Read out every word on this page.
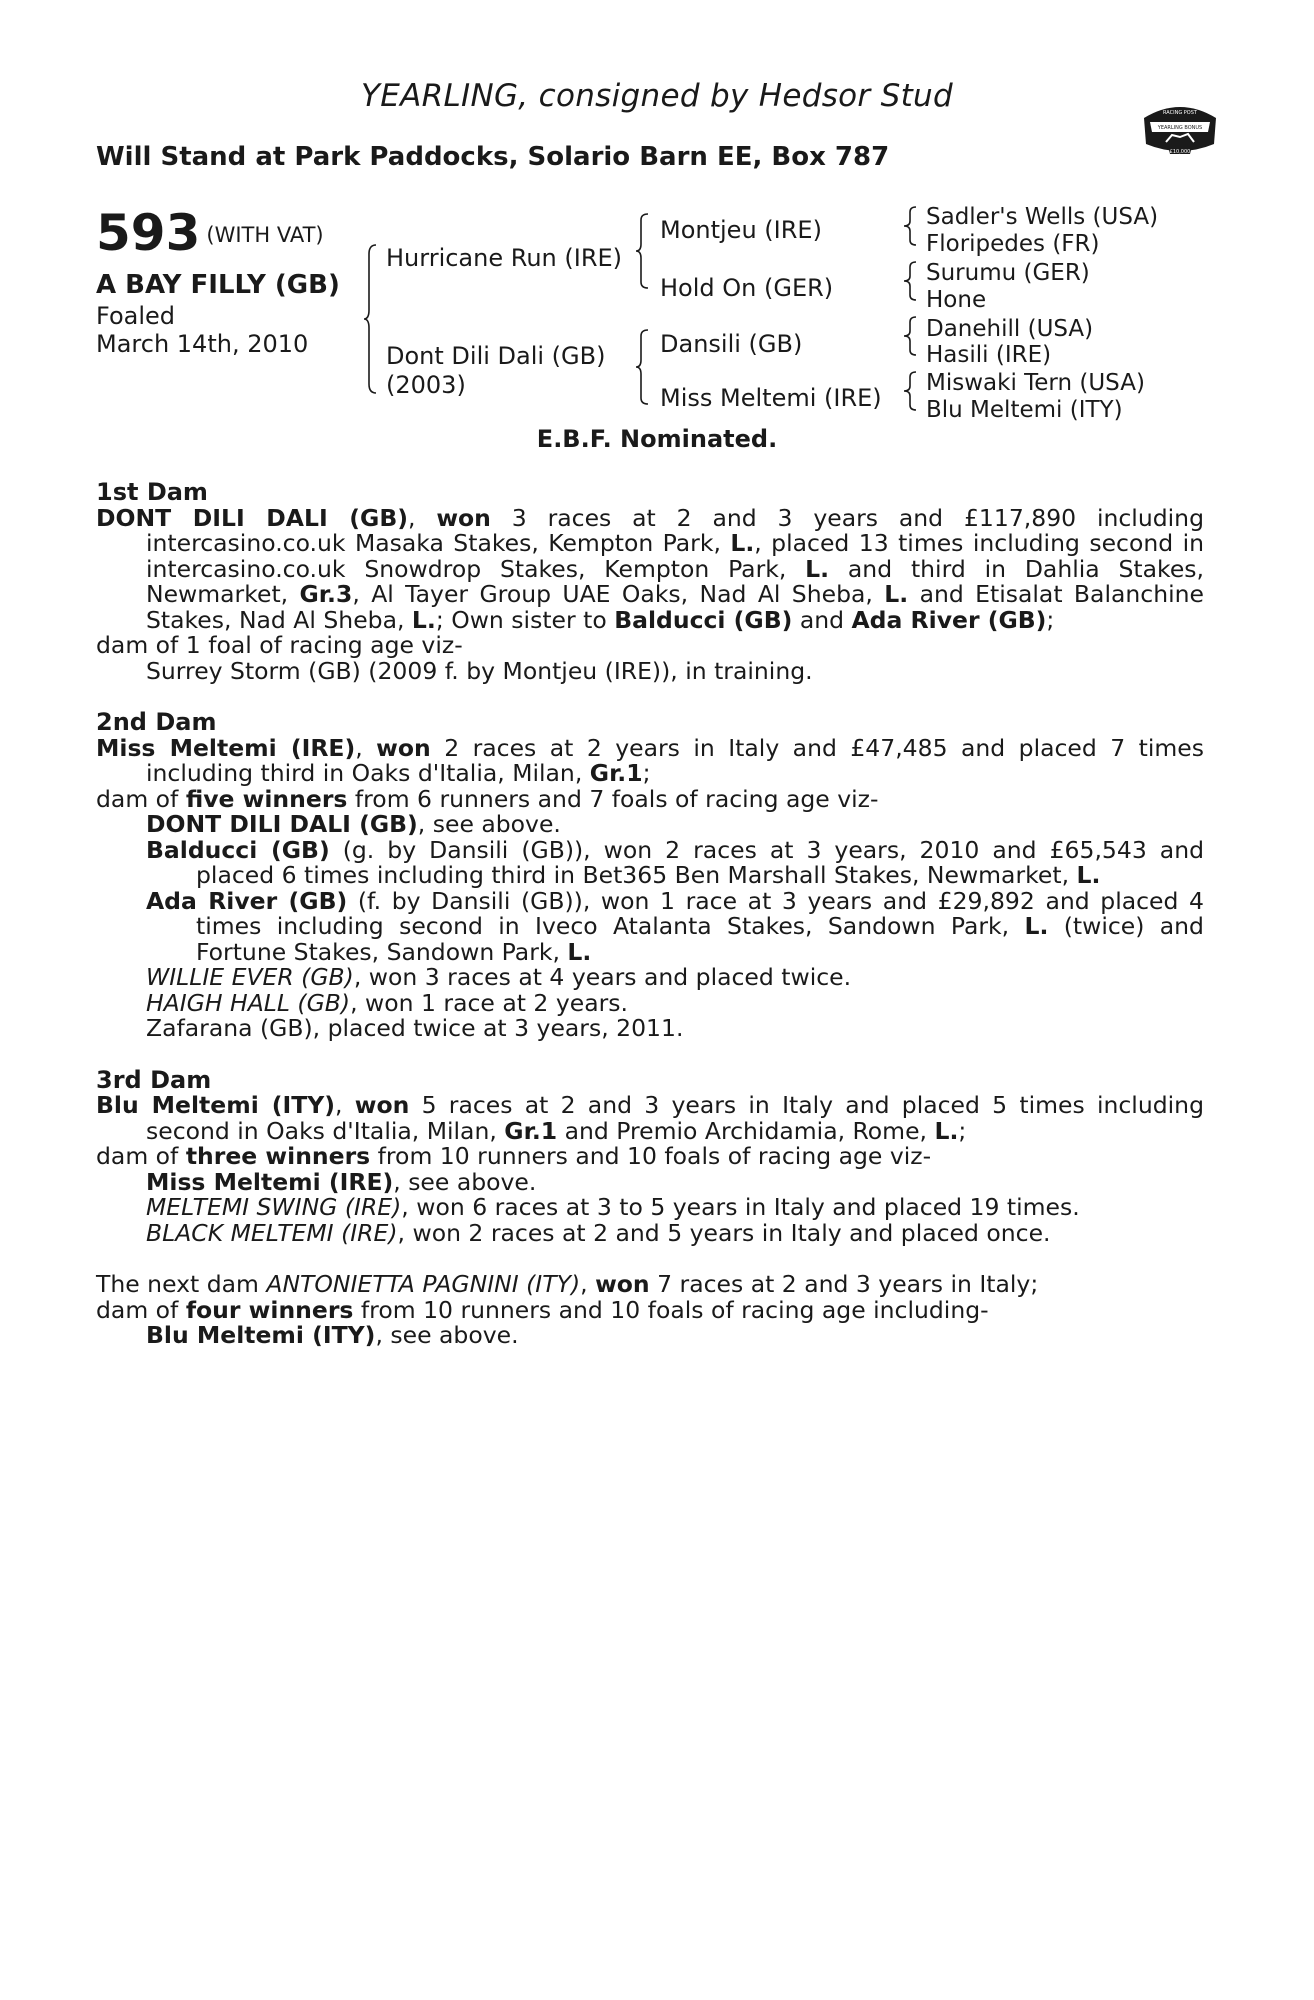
YEARLING, consigned by Hedsor Stud
Will Stand at Park Paddocks, Solario Barn EE, Box 787
RACING POST
YEARLING BONUS
£10,000
593 (WITH VAT)
A BAY FILLY (GB)
Foaled
March 14th, 2010
Hurricane Run (IRE)
Dont Dili Dali (GB)
(2003)
Montjeu (IRE)
Hold On (GER)
Dansili (GB)
Miss Meltemi (IRE)
Sadler's Wells (USA)
Floripedes (FR)
Surumu (GER)
Hone
Danehill (USA)
Hasili (IRE)
Miswaki Tern (USA)
Blu Meltemi (ITY)
E.B.F. Nominated.
1st Dam

DONT DILI DALI (GB), won 3 races at 2 and 3 years and £117,890 including intercasino.co.uk Masaka Stakes, Kempton Park, L., placed 13 times including second in intercasino.co.uk Snowdrop Stakes, Kempton Park, L. and third in Dahlia Stakes, Newmarket, Gr.3, Al Tayer Group UAE Oaks, Nad Al Sheba, L. and Etisalat Balanchine Stakes, Nad Al Sheba, L.; Own sister to Balducci (GB) and Ada River (GB);

dam of 1 foal of racing age viz-

Surrey Storm (GB) (2009 f. by Montjeu (IRE)), in training.

2nd Dam

Miss Meltemi (IRE), won 2 races at 2 years in Italy and £47,485 and placed 7 times including third in Oaks d'Italia, Milan, Gr.1;

dam of five winners from 6 runners and 7 foals of racing age viz-

DONT DILI DALI (GB), see above.

Balducci (GB) (g. by Dansili (GB)), won 2 races at 3 years, 2010 and £65,543 and placed 6 times including third in Bet365 Ben Marshall Stakes, Newmarket, L.

Ada River (GB) (f. by Dansili (GB)), won 1 race at 3 years and £29,892 and placed 4 times including second in Iveco Atalanta Stakes, Sandown Park, L. (twice) and Fortune Stakes, Sandown Park, L.

WILLIE EVER (GB), won 3 races at 4 years and placed twice.

HAIGH HALL (GB), won 1 race at 2 years.

Zafarana (GB), placed twice at 3 years, 2011.

3rd Dam

Blu Meltemi (ITY), won 5 races at 2 and 3 years in Italy and placed 5 times including second in Oaks d'Italia, Milan, Gr.1 and Premio Archidamia, Rome, L.;

dam of three winners from 10 runners and 10 foals of racing age viz-

Miss Meltemi (IRE), see above.

MELTEMI SWING (IRE), won 6 races at 3 to 5 years in Italy and placed 19 times.

BLACK MELTEMI (IRE), won 2 races at 2 and 5 years in Italy and placed once.

The next dam ANTONIETTA PAGNINI (ITY), won 7 races at 2 and 3 years in Italy;

dam of four winners from 10 runners and 10 foals of racing age including-

Blu Meltemi (ITY), see above.
